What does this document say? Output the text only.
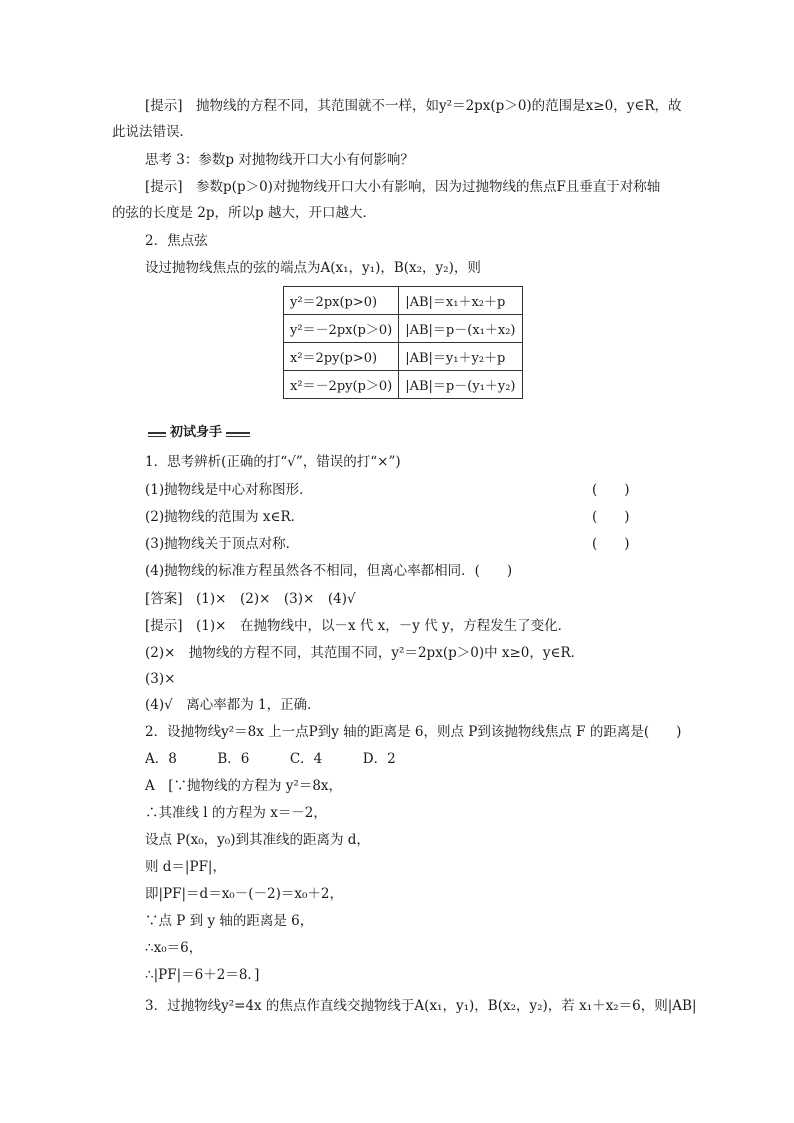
[提示]　抛物线的方程不同，其范围就不一样，如y²＝2px(p＞0)的范围是x≥0，y∈R，故
此说法错误．
思考 3：参数p 对抛物线开口大小有何影响？
[提示]　参数p(p＞0)对抛物线开口大小有影响，因为过抛物线的焦点F且垂直于对称轴
的弦的长度是 2p，所以p 越大，开口越大．
2．焦点弦
设过抛物线焦点的弦的端点为A(x₁，y₁)，B(x₂，y₂)，则
y²＝2px(p>0)	|AB|＝x₁＋x₂＋p
y²＝－2px(p＞0)	|AB|＝p－(x₁＋x₂)
x²＝2py(p>0)	|AB|＝y₁＋y₂＋p
x²＝－2py(p＞0)	|AB|＝p－(y₁＋y₂)
初试身手
1．思考辨析(正确的打“√”，错误的打“×”)
(1)抛物线是中心对称图形．	(　　)
(2)抛物线的范围为 x∈R．	(　　)
(3)抛物线关于顶点对称．	(　　)
(4)抛物线的标准方程虽然各不相同，但离心率都相同．(　　)
[答案]　(1)×　(2)×　(3)×　(4)√
[提示]　(1)×　在抛物线中，以－x 代 x，－y 代 y，方程发生了变化．
(2)×　抛物线的方程不同，其范围不同，y²＝2px(p＞0)中 x≥0，y∈R．
(3)×
(4)√　离心率都为 1，正确．
2．设抛物线y²＝8x 上一点P到y 轴的距离是 6，则点 P到该抛物线焦点 F 的距离是(　　)
A．8　　　B．6　　　C．4　　　D．2
A　[∵抛物线的方程为 y²＝8x，
∴其准线 l 的方程为 x＝－2，
设点 P(x₀，y₀)到其准线的距离为 d，
则 d＝|PF|，
即|PF|＝d＝x₀－(－2)＝x₀＋2，
∵点 P 到 y 轴的距离是 6，
∴x₀＝6，
∴|PF|＝6＋2＝8．]
3．过抛物线y²=4x 的焦点作直线交抛物线于A(x₁，y₁)，B(x₂，y₂)，若 x₁＋x₂＝6，则|AB|
